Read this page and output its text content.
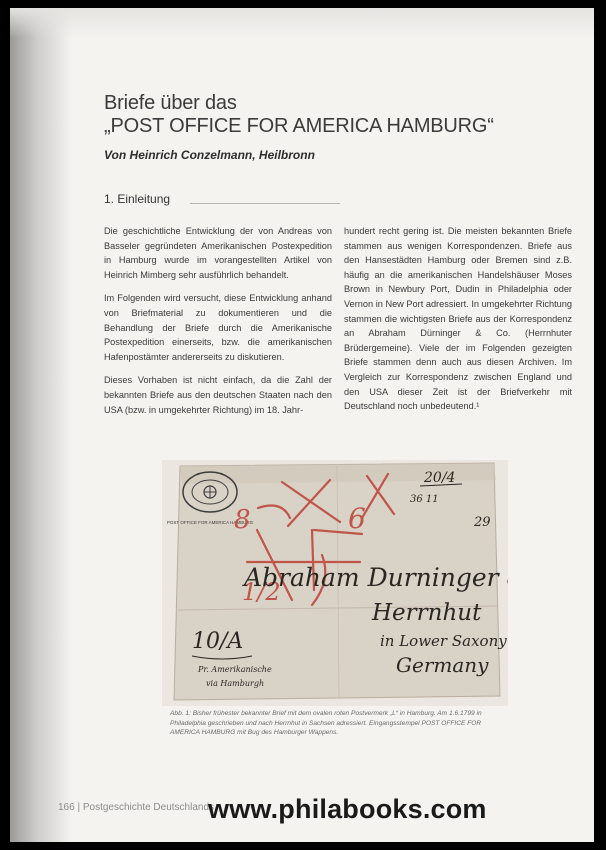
Briefe über das
„POST OFFICE FOR AMERICA HAMBURG“
Von Heinrich Conzelmann, Heilbronn
1. Einleitung

Die geschichtliche Entwicklung der von Andreas von Basseler gegründeten Amerikanischen Postexpedition in Hamburg wurde im vorangestellten Artikel von Heinrich Mimberg sehr ausführlich behandelt.

Im Folgenden wird versucht, diese Entwicklung anhand von Briefmaterial zu dokumentieren und die Behandlung der Briefe durch die Amerikanische Postexpedition einerseits, bzw. die amerikanischen Hafenpostämter andererseits zu diskutieren.

Dieses Vorhaben ist nicht einfach, da die Zahl der bekannten Briefe aus den deutschen Staaten nach den USA (bzw. in umgekehrter Richtung) im 18. Jahr-

hundert recht gering ist. Die meisten bekannten Briefe stammen aus wenigen Korrespondenzen. Briefe aus den Hansestädten Hamburg oder Bremen sind z.B. häufig an die amerikanischen Handelshäuser Moses Brown in Newbury Port, Dudin in Philadelphia oder Vernon in New Port adressiert. In umgekehrter Richtung stammen die wichtigsten Briefe aus der Korrespondenz an Abraham Dürninger & Co. (Herrnhuter Brüdergemeine). Viele der im Folgenden gezeigten Briefe stammen denn auch aus diesen Archiven. Im Vergleich zur Korrespondenz zwischen England und den USA dieser Zeit ist der Briefverkehr mit Deutschland noch unbedeutend.¹

POST OFFICE FOR AMERICA HAMBURG
8	6
1/2
20/4
36 11
29
Abraham Durninger
Herrnhut
in Lower Saxony
Germany
10/A
Pr. Amerikanische
via Hamburgh
Abb. 1: Bisher frühester bekannter Brief mit dem ovalen roten Postvermerk „L“ in Hamburg. Am 1.6.1799 in Philadelphia geschrieben und nach Herrnhut in Sachsen adressiert. Eingangsstempel POST OFFICE FOR AMERICA HAMBURG mit Bug des Hamburger Wappens.
166 | Postgeschichte Deutschlands
www.philabooks.com
